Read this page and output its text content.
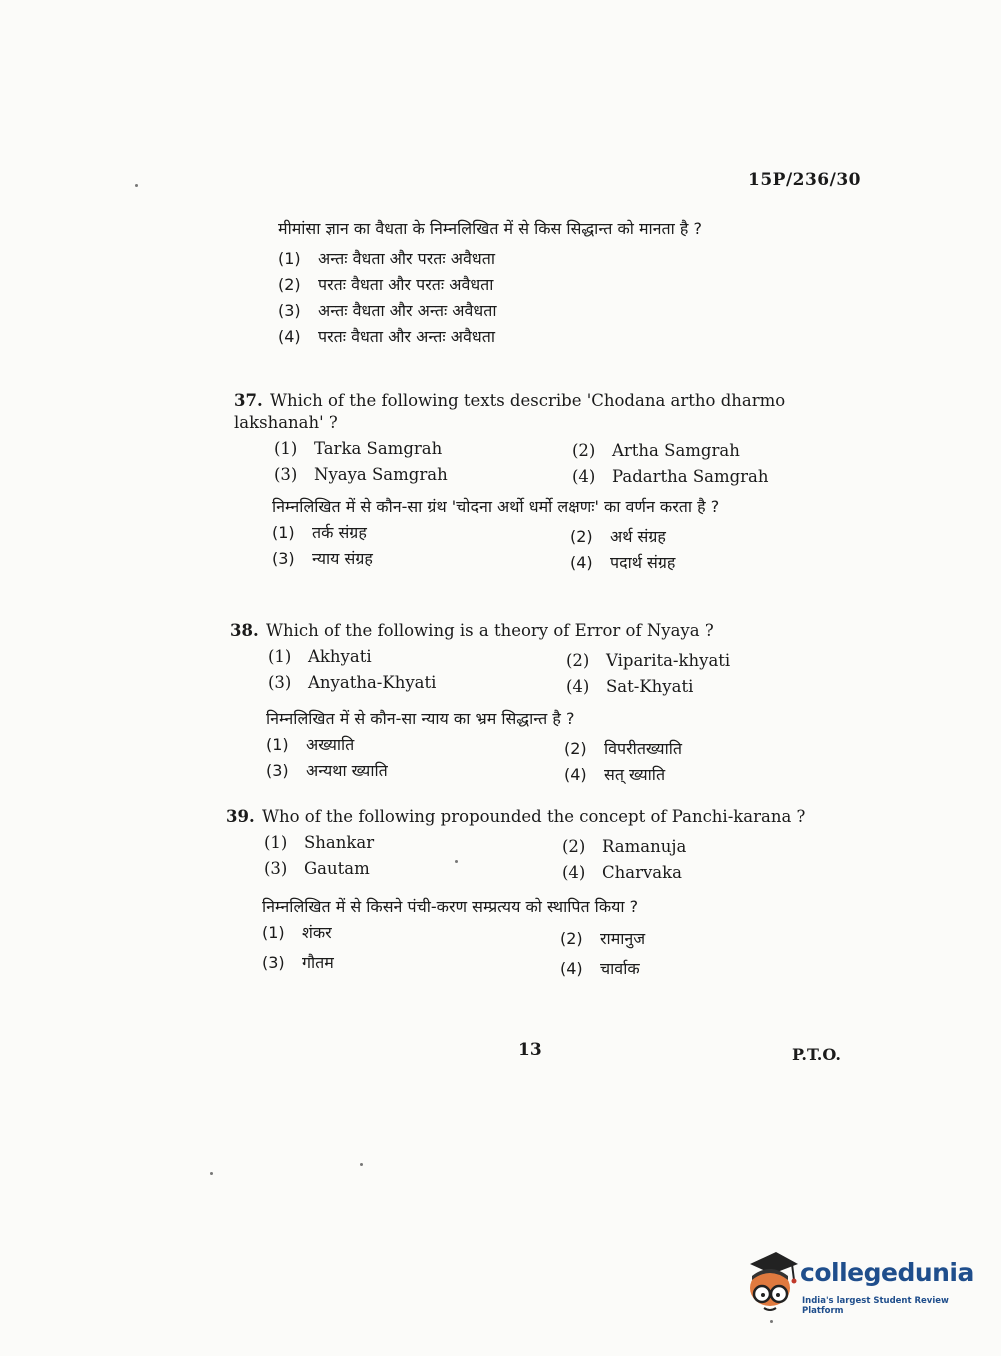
15P/236/30

मीमांसा ज्ञान का वैधता के निम्नलिखित में से किस सिद्धान्त को मानता है ?

(1) अन्तः वैधता और परतः अवैधता
(2) परतः वैधता और परतः अवैधता
(3) अन्तः वैधता और अन्तः अवैधता
(4) परतः वैधता और अन्तः अवैधता

37. Which of the following texts describe 'Chodana artho dharmo lakshanah' ?

(1) Tarka Samgrah	(2) Artha Samgrah
(3) Nyaya Samgrah	(4) Padartha Samgrah

निम्नलिखित में से कौन-सा ग्रंथ 'चोदना अर्थो धर्मो लक्षणः' का वर्णन करता है ?

(1) तर्क संग्रह	(2) अर्थ संग्रह
(3) न्याय संग्रह	(4) पदार्थ संग्रह

38. Which of the following is a theory of Error of Nyaya ?

(1) Akhyati	(2) Viparita-khyati
(3) Anyatha-Khyati	(4) Sat-Khyati

निम्नलिखित में से कौन-सा न्याय का भ्रम सिद्धान्त है ?

(1) अख्याति	(2) विपरीतख्याति
(3) अन्यथा ख्याति	(4) सत् ख्याति

39. Who of the following propounded the concept of Panchi-karana ?

(1) Shankar	(2) Ramanuja
(3) Gautam	(4) Charvaka

निम्नलिखित में से किसने पंची-करण सम्प्रत्यय को स्थापित किया ?

(1) शंकर	(2) रामानुज
(3) गौतम	(4) चार्वाक
13	P.T.O.
collegedunia
India's largest Student Review Platform
